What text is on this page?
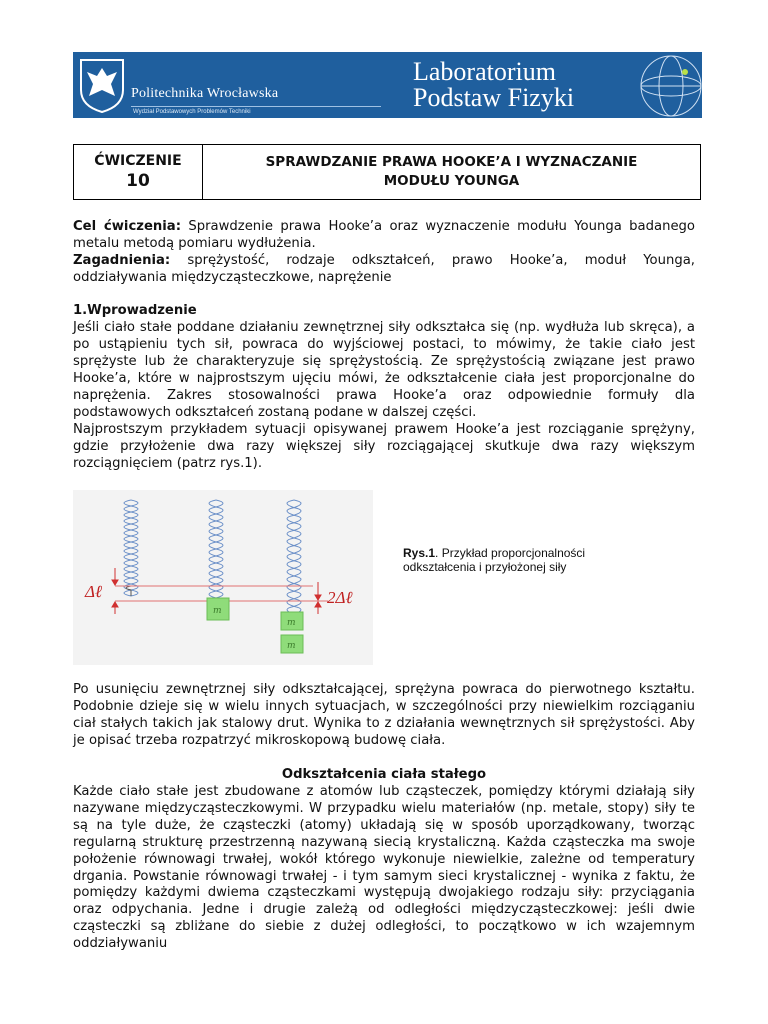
Politechnika Wrocławska
Wydział Podstawowych Problemów Techniki
Laboratorium
Podstaw Fizyki
ĆWICZENIE
10
SPRAWDZANIE PRAWA HOOKE’A I WYZNACZANIE MODUŁU YOUNGA
Cel ćwiczenia: Sprawdzenie prawa Hooke’a oraz wyznaczenie modułu Younga badanego metalu metodą pomiaru wydłużenia.
Zagadnienia: sprężystość, rodzaje odkształceń, prawo Hooke’a, moduł Younga, oddziaływania międzycząsteczkowe, naprężenie
1.Wprowadzenie
Jeśli ciało stałe poddane działaniu zewnętrznej siły odkształca się (np. wydłuża lub skręca), a po ustąpieniu tych sił, powraca do wyjściowej postaci, to mówimy, że takie ciało jest sprężyste lub że charakteryzuje się sprężystością. Ze sprężystością związane jest prawo Hooke’a, które w najprostszym ujęciu mówi, że odkształcenie ciała jest proporcjonalne do naprężenia. Zakres stosowalności prawa Hooke’a oraz odpowiednie formuły dla podstawowych odkształceń zostaną podane w dalszej części.
Najprostszym przykładem sytuacji opisywanej prawem Hooke’a jest rozciąganie sprężyny, gdzie przyłożenie dwa razy większej siły rozciągającej skutkuje dwa razy większym rozciągnięciem (patrz rys.1).
Δℓ	2Δℓ
m
m
m
Rys.1. Przykład proporcjonalności odkształcenia i przyłożonej siły
Po usunięciu zewnętrznej siły odkształcającej, sprężyna powraca do pierwotnego kształtu. Podobnie dzieje się w wielu innych sytuacjach, w szczególności przy niewielkim rozciąganiu ciał stałych takich jak stalowy drut. Wynika to z działania wewnętrznych sił sprężystości. Aby je opisać trzeba rozpatrzyć mikroskopową budowę ciała.
Odkształcenia ciała stałego
Każde ciało stałe jest zbudowane z atomów lub cząsteczek, pomiędzy którymi działają siły nazywane międzycząsteczkowymi. W przypadku wielu materiałów (np. metale, stopy) siły te są na tyle duże, że cząsteczki (atomy) układają się w sposób uporządkowany, tworząc regularną strukturę przestrzenną nazywaną siecią krystaliczną. Każda cząsteczka ma swoje położenie równowagi trwałej, wokół którego wykonuje niewielkie, zależne od temperatury drgania. Powstanie równowagi trwałej - i tym samym sieci krystalicznej - wynika z faktu, że pomiędzy każdymi dwiema cząsteczkami występują dwojakiego rodzaju siły: przyciągania oraz odpychania. Jedne i drugie zależą od odległości międzycząsteczkowej: jeśli dwie cząsteczki są zbliżane do siebie z dużej odległości, to początkowo w ich wzajemnym oddziaływaniu
